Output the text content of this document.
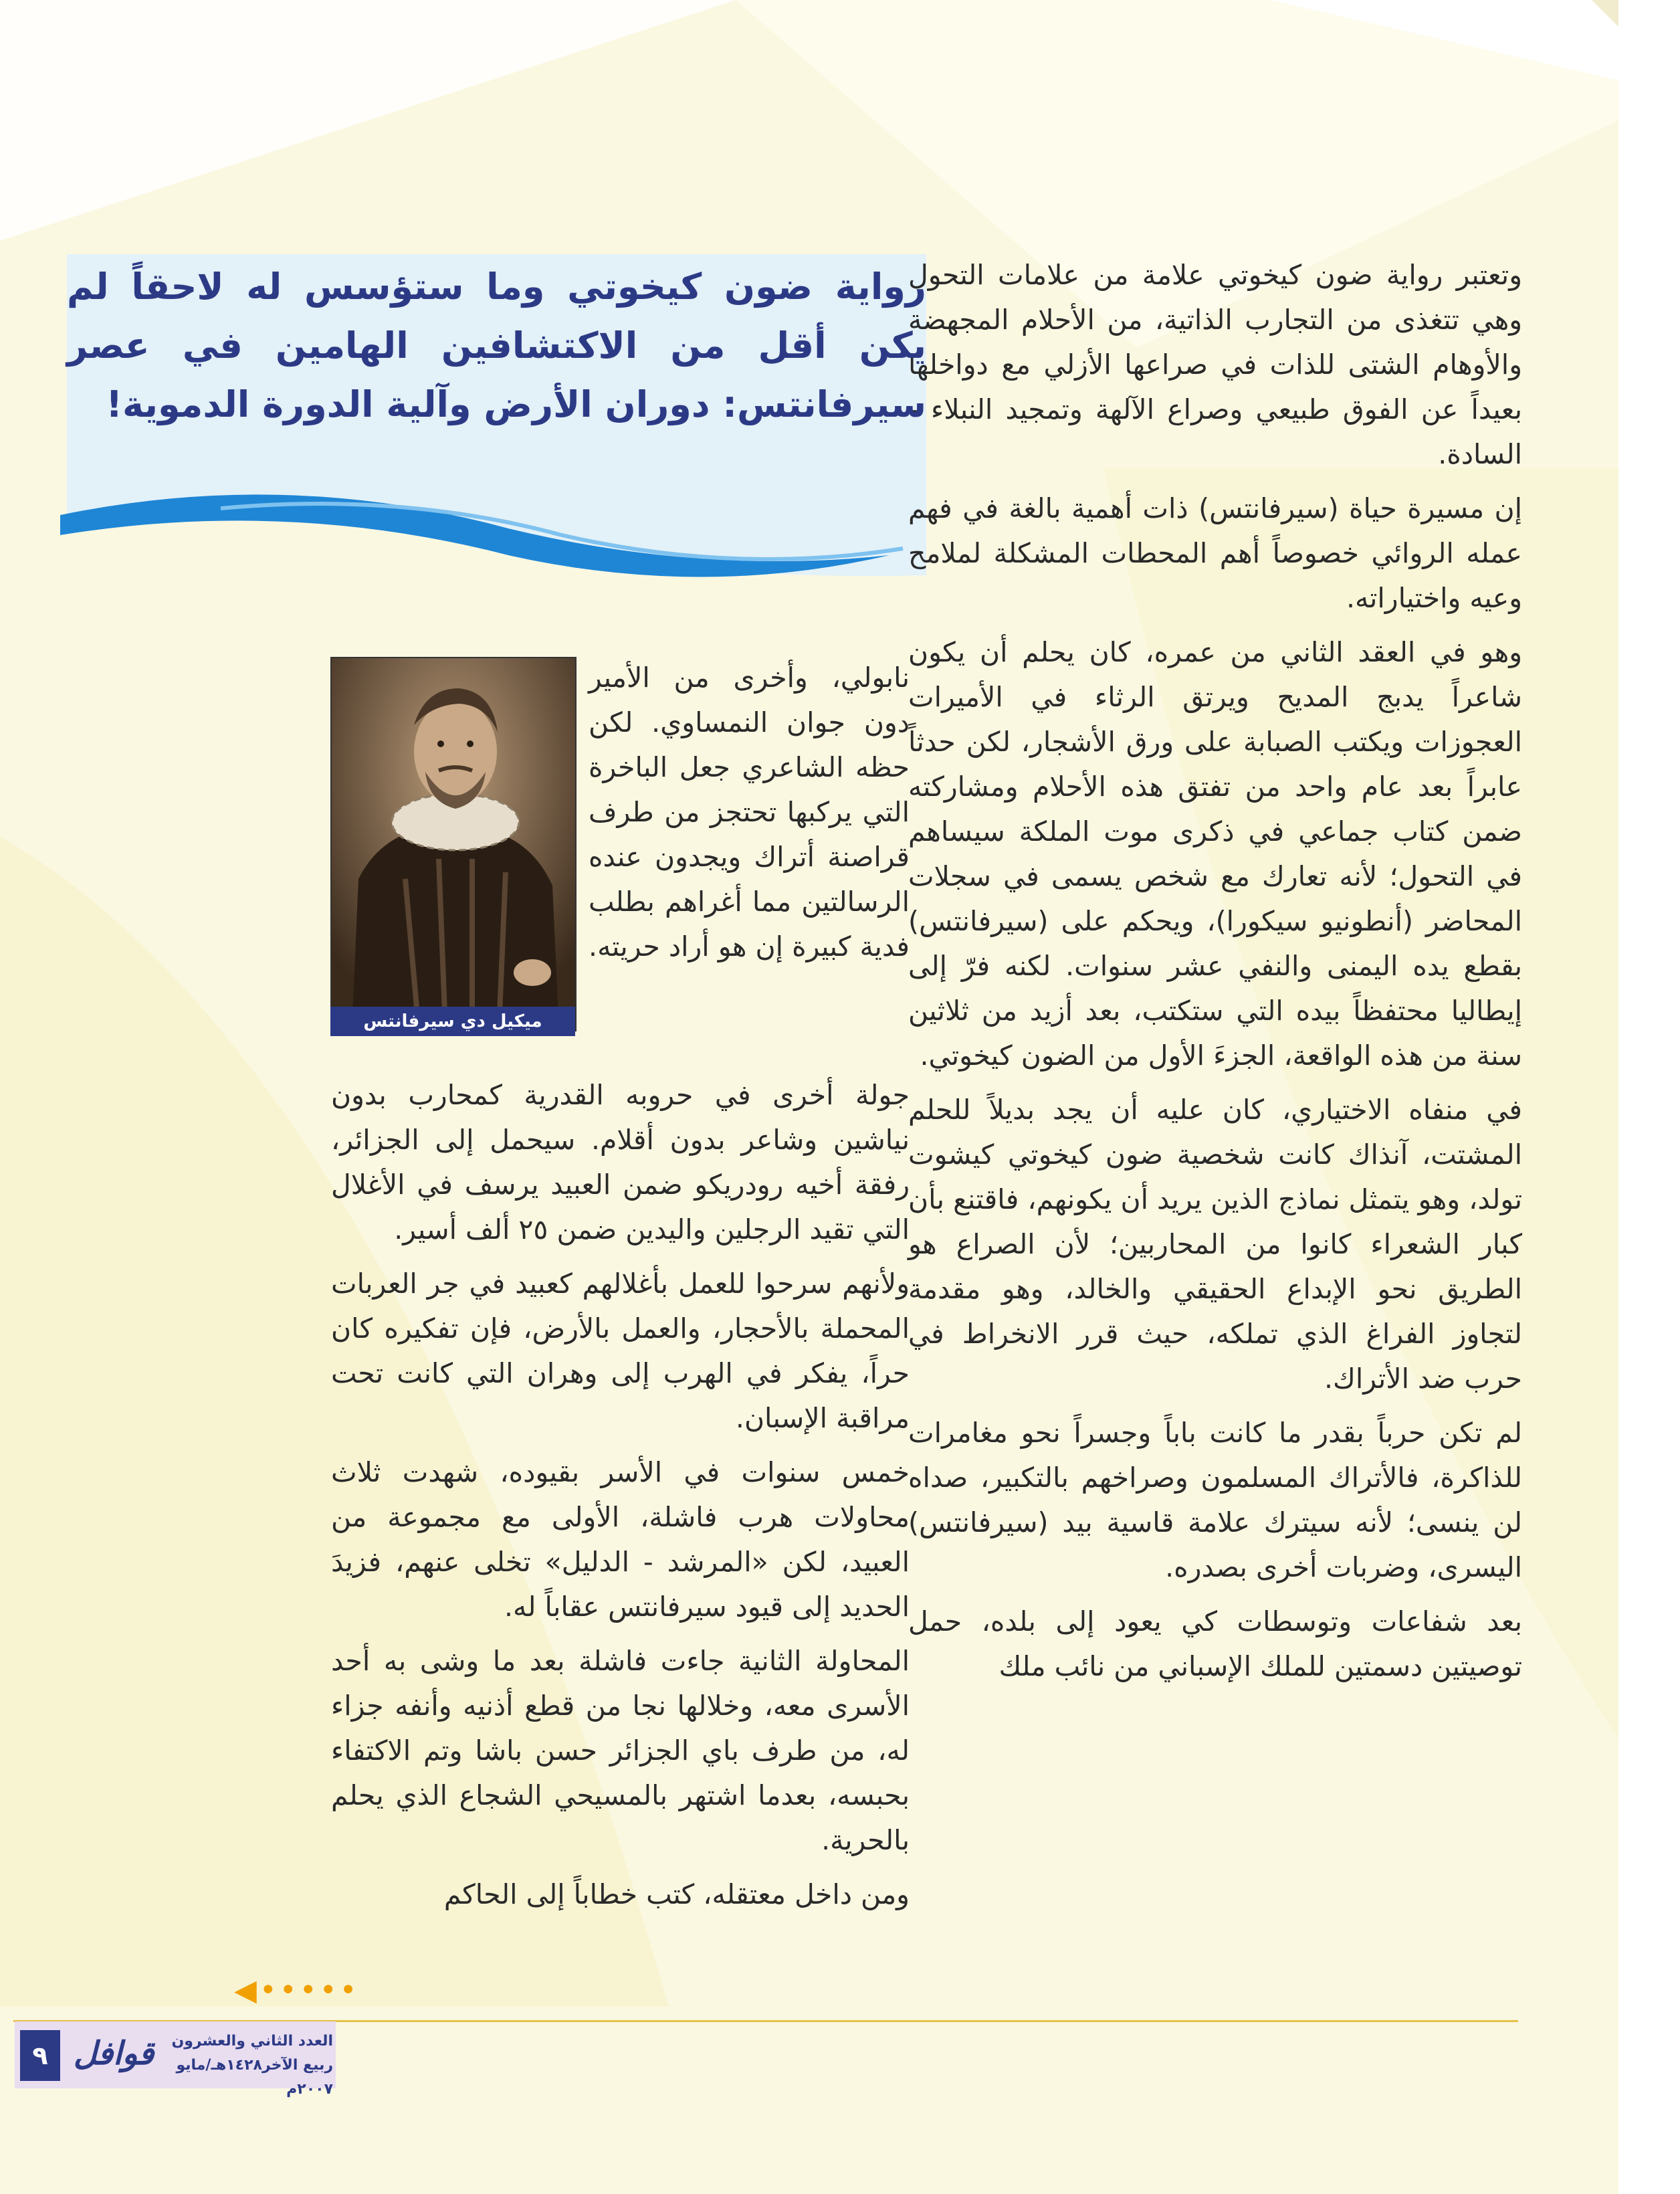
رواية ضون كيخوتي وما ستؤسس له لاحقاً لم يكن أقل من الاكتشافين الهامين في عصر سيرفانتس: دوران الأرض وآلية الدورة الدموية!

وتعتبر رواية ضون كيخوتي علامة من علامات التحول وهي تتغذى من التجارب الذاتية، من الأحلام المجهضة والأوهام الشتى للذات في صراعها الأزلي مع دواخلها بعيداً عن الفوق طبيعي وصراع الآلهة وتمجيد النبلاء - السادة.

إن مسيرة حياة (سيرفانتس) ذات أهمية بالغة في فهم عمله الروائي خصوصاً أهم المحطات المشكلة لملامح وعيه واختياراته.

وهو في العقد الثاني من عمره، كان يحلم أن يكون شاعراً يدبج المديح ويرتق الرثاء في الأميرات العجوزات ويكتب الصبابة على ورق الأشجار، لكن حدثاً عابراً بعد عام واحد من تفتق هذه الأحلام ومشاركته ضمن كتاب جماعي في ذكرى موت الملكة سيساهم في التحول؛ لأنه تعارك مع شخص يسمى في سجلات المحاضر (أنطونيو سيكورا)، ويحكم على (سيرفانتس) بقطع يده اليمنى والنفي عشر سنوات. لكنه فرّ إلى إيطاليا محتفظاً بيده التي ستكتب، بعد أزيد من ثلاثين سنة من هذه الواقعة، الجزءَ الأول من الضون كيخوتي.

في منفاه الاختياري، كان عليه أن يجد بديلاً للحلم المشتت، آنذاك كانت شخصية ضون كيخوتي كيشوت تولد، وهو يتمثل نماذج الذين يريد أن يكونهم، فاقتنع بأن كبار الشعراء كانوا من المحاربين؛ لأن الصراع هو الطريق نحو الإبداع الحقيقي والخالد، وهو مقدمة لتجاوز الفراغ الذي تملكه، حيث قرر الانخراط في حرب ضد الأتراك.

لم تكن حرباً بقدر ما كانت باباً وجسراً نحو مغامرات للذاكرة، فالأتراك المسلمون وصراخهم بالتكبير، صداه لن ينسى؛ لأنه سيترك علامة قاسية بيد (سيرفانتس) اليسرى، وضربات أخرى بصدره.

بعد شفاعات وتوسطات كي يعود إلى بلده، حمل توصيتين دسمتين للملك الإسباني من نائب ملك

ميكيل دي سيرفانتس

نابولي، وأخرى من الأمير دون جوان النمساوي. لكن حظه الشاعري جعل الباخرة التي يركبها تحتجز من طرف قراصنة أتراك ويجدون عنده الرسالتين مما أغراهم بطلب فدية كبيرة إن هو أراد حريته.

جولة أخرى في حروبه القدرية كمحارب بدون نياشين وشاعر بدون أقلام. سيحمل إلى الجزائر، رفقة أخيه رودريكو ضمن العبيد يرسف في الأغلال التي تقيد الرجلين واليدين ضمن ٢٥ ألف أسير.

ولأنهم سرحوا للعمل بأغلالهم كعبيد في جر العربات المحملة بالأحجار، والعمل بالأرض، فإن تفكيره كان حراً، يفكر في الهرب إلى وهران التي كانت تحت مراقبة الإسبان.

خمس سنوات في الأسر بقيوده، شهدت ثلاث محاولات هرب فاشلة، الأولى مع مجموعة من العبيد، لكن «المرشد - الدليل» تخلى عنهم، فزيدَ الحديد إلى قيود سيرفانتس عقاباً له.

المحاولة الثانية جاءت فاشلة بعد ما وشى به أحد الأسرى معه، وخلالها نجا من قطع أذنيه وأنفه جزاء له، من طرف باي الجزائر حسن باشا وتم الاكتفاء بحبسه، بعدما اشتهر بالمسيحي الشجاع الذي يحلم بالحرية.

ومن داخل معتقله، كتب خطاباً إلى الحاكم

◀•••••
٩ قوافل	العدد الثاني والعشرون
ربيع الآخر١٤٢٨هـ/مايو ٢٠٠٧م
